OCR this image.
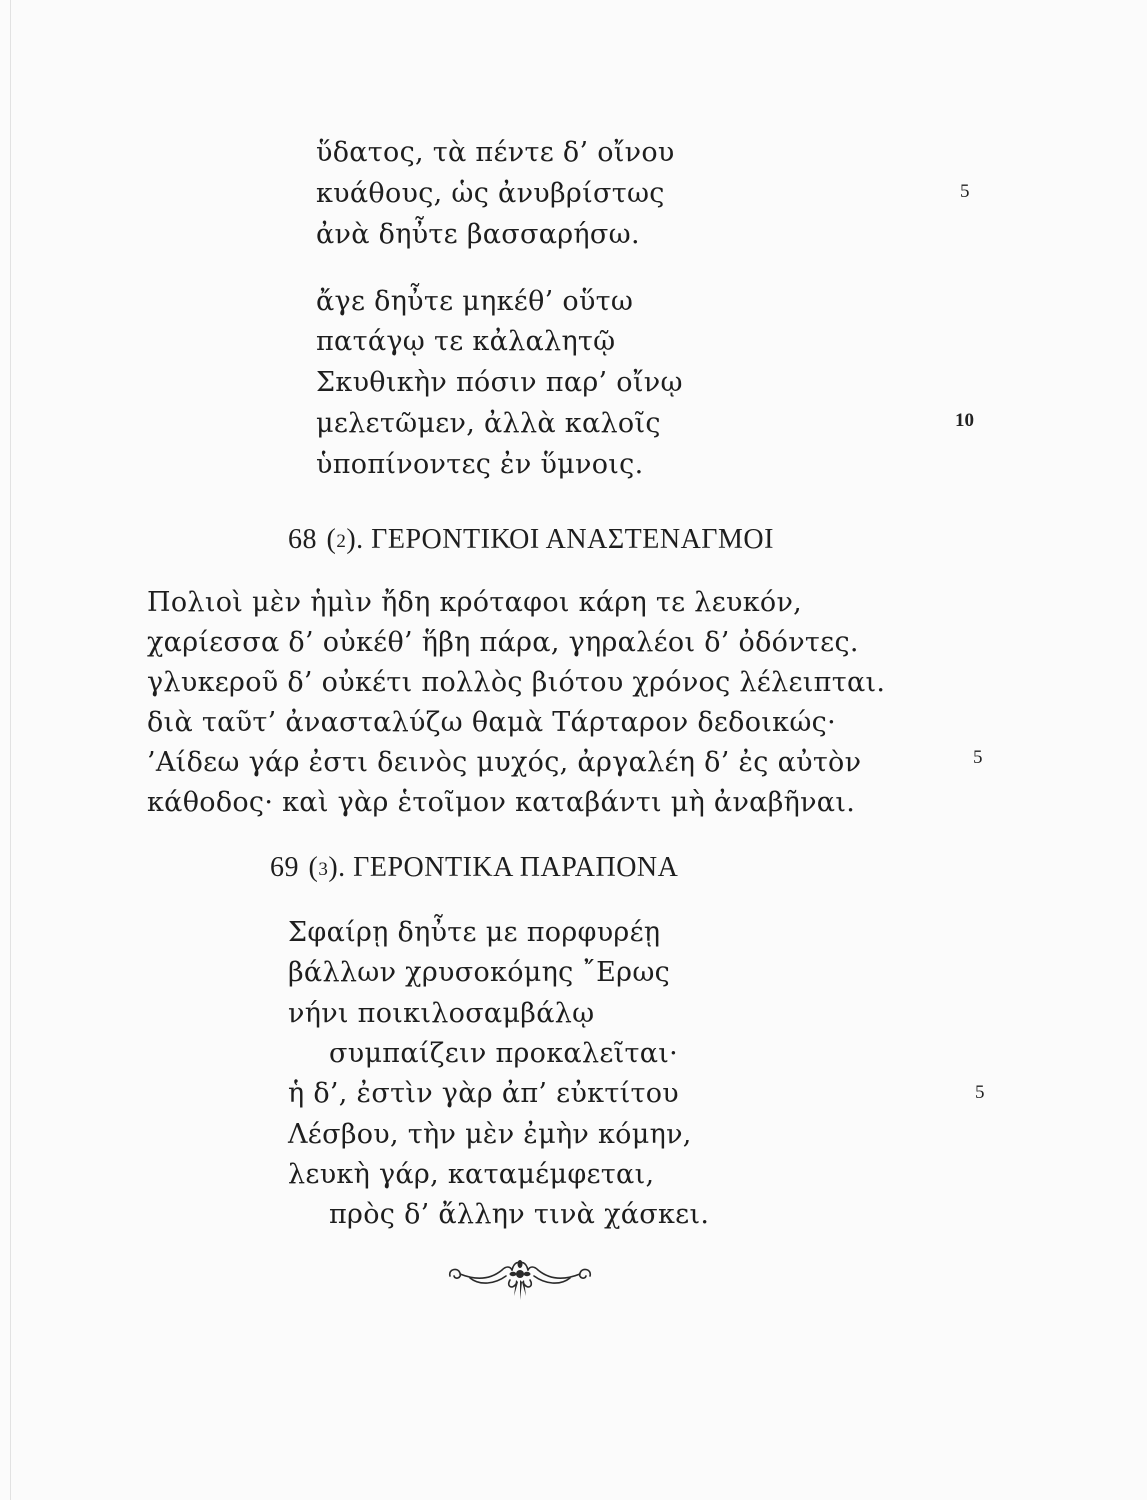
ὕδατος, τὰ πέντε δ’ οἴνου
κυάθους, ὡς ἀνυβρίστως	5
ἀνὰ δηὖτε βασσαρήσω.
ἄγε δηὖτε μηκέθ’ οὕτω
πατάγῳ τε κἀλαλητῷ
Σκυθικὴν πόσιν παρ’ οἴνῳ
μελετῶμεν, ἀλλὰ καλοῖς	10
ὑποπίνοντες ἐν ὕμνοις.
68 (2). ΓΕΡΟΝΤΙΚΟΙ ΑΝΑΣΤΕΝΑΓΜΟΙ
Πολιοὶ μὲν ἡμὶν ἤδη κρόταφοι κάρη τε λευκόν,
χαρίεσσα δ’ οὐκέθ’ ἥβη πάρα, γηραλέοι δ’ ὀδόντες.
γλυκεροῦ δ’ οὐκέτι πολλὸς βιότου χρόνος λέλειπται.
διὰ ταῦτ’ ἀνασταλύζω θαμὰ Τάρταρον δεδοικώς·
’Αίδεω γάρ ἐστι δεινὸς μυχός, ἀργαλέη δ’ ἐς αὐτὸν	5
κάθοδος· καὶ γὰρ ἑτοῖμον καταβάντι μὴ ἀναβῆναι.
69 (3). ΓΕΡΟΝΤΙΚΑ ΠΑΡΑΠΟΝΑ
Σφαίρῃ δηὖτε με πορφυρέῃ
βάλλων χρυσοκόμης ῎Ερως
νήνι ποικιλοσαμβάλῳ
συμπαίζειν προκαλεῖται·
ἡ δ’, ἐστὶν γὰρ ἀπ’ εὐκτίτου	5
Λέσβου, τὴν μὲν ἐμὴν κόμην,
λευκὴ γάρ, καταμέμφεται,
πρὸς δ’ ἄλλην τινὰ χάσκει.
